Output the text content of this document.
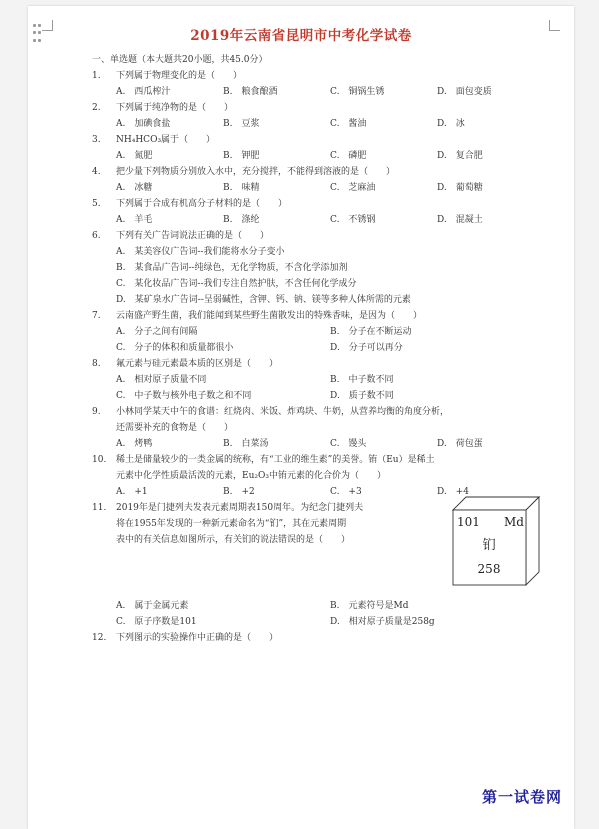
2019年云南省昆明市中考化学试卷
一、单选题（本大题共20小题，共45.0分）
1. 下列属于物理变化的是（　　）
A.　西瓜榨汁	B.　粮食酿酒	C.　铜锅生锈	D.　面包变质
2. 下列属于纯净物的是（　　）
A.　加碘食盐	B.　豆浆	C.　酱油	D.　冰
3. NH₄HCO₃属于（　　）
A.　氮肥	B.　钾肥	C.　磷肥	D.　复合肥
4. 把少量下列物质分别放入水中，充分搅拌，不能得到溶液的是（　　）
A.　冰糖	B.　味精	C.　芝麻油	D.　葡萄糖
5. 下列属于合成有机高分子材料的是（　　）
A.　羊毛	B.　涤纶	C.　不锈钢	D.　混凝土
6. 下列有关广告词说法正确的是（　　）
A.　某美容仪广告词--我们能将水分子变小
B.　某食品广告词--纯绿色，无化学物质，不含化学添加剂
C.　某化妆品广告词--我们专注自然护肤，不含任何化学成分
D.　某矿泉水广告词--呈弱碱性，含钾、钙、钠、镁等多种人体所需的元素
7. 云南盛产野生菌，我们能闻到某些野生菌散发出的特殊香味，是因为（　　）
A.　分子之间有间隔	B.　分子在不断运动
C.　分子的体积和质量都很小	D.　分子可以再分
8. 氟元素与硅元素最本质的区别是（　　）
A.　相对原子质量不同	B.　中子数不同
C.　中子数与核外电子数之和不同	D.　质子数不同
9. 小林同学某天中午的食谱：红烧肉、米饭、炸鸡块、牛奶，从营养均衡的角度分析，
还需要补充的食物是（　　）
A.　烤鸭	B.　白菜汤	C.　馒头	D.　荷包蛋
10. 稀土是储量较少的一类金属的统称，有“工业的维生素”的美誉。铕（Eu）是稀土
元素中化学性质最活泼的元素，Eu₂O₃中铕元素的化合价为（　　）
A.　+1	B.　+2	C.　+3	D.　+4
11. 2019年是门捷列夫发表元素周期表150周年。为纪念门捷列夫
将在1955年发现的一种新元素命名为“钔”，其在元素周期
表中的有关信息如图所示，有关钔的说法错误的是（　　）
101 Md
钔
258
A.　属于金属元素	B.　元素符号是Md
C.　原子序数是101	D.　相对原子质量是258g
12. 下列图示的实验操作中正确的是（　　）
第一试卷网
